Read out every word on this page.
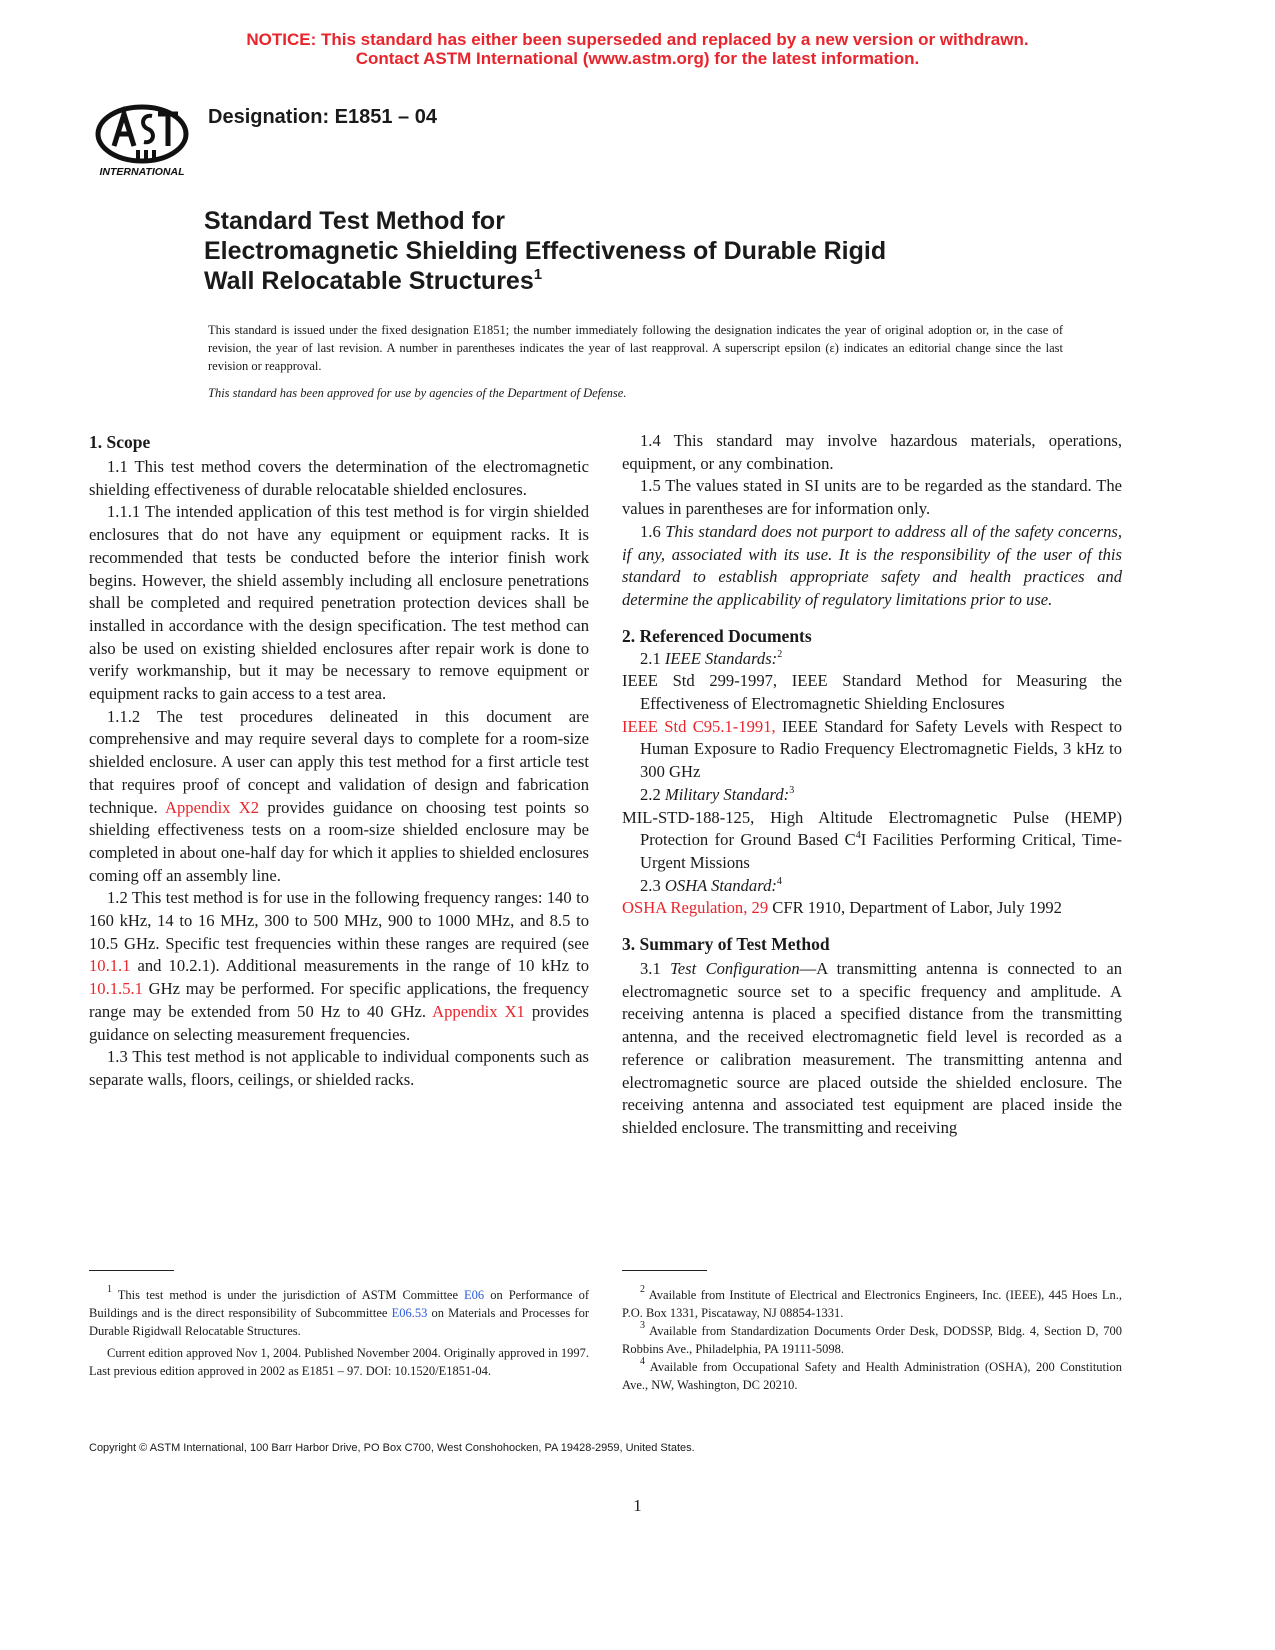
NOTICE: This standard has either been superseded and replaced by a new version or withdrawn.
Contact ASTM International (www.astm.org) for the latest information.
INTERNATIONAL
Designation: E1851 – 04
Standard Test Method for
Electromagnetic Shielding Effectiveness of Durable Rigid
Wall Relocatable Structures$^1$
This standard is issued under the fixed designation E1851; the number immediately following the designation indicates the year of original adoption or, in the case of revision, the year of last revision. A number in parentheses indicates the year of last reapproval. A superscript epsilon (ε) indicates an editorial change since the last revision or reapproval.
This standard has been approved for use by agencies of the Department of Defense.
1. Scope

1.1 This test method covers the determination of the electromagnetic shielding effectiveness of durable relocatable shielded enclosures.

1.1.1 The intended application of this test method is for virgin shielded enclosures that do not have any equipment or equipment racks. It is recommended that tests be conducted before the interior finish work begins. However, the shield assembly including all enclosure penetrations shall be completed and required penetration protection devices shall be installed in accordance with the design specification. The test method can also be used on existing shielded enclosures after repair work is done to verify workmanship, but it may be necessary to remove equipment or equipment racks to gain access to a test area.

1.1.2 The test procedures delineated in this document are comprehensive and may require several days to complete for a room-size shielded enclosure. A user can apply this test method for a first article test that requires proof of concept and validation of design and fabrication technique. Appendix X2 provides guidance on choosing test points so shielding effectiveness tests on a room-size shielded enclosure may be completed in about one-half day for which it applies to shielded enclosures coming off an assembly line.

1.2 This test method is for use in the following frequency ranges: 140 to 160 kHz, 14 to 16 MHz, 300 to 500 MHz, 900 to 1000 MHz, and 8.5 to 10.5 GHz. Specific test frequencies within these ranges are required (see 10.1.1 and 10.2.1). Additional measurements in the range of 10 kHz to 10.1.5.1 GHz may be performed. For specific applications, the frequency range may be extended from 50 Hz to 40 GHz. Appendix X1 provides guidance on selecting measurement frequencies.

1.3 This test method is not applicable to individual components such as separate walls, floors, ceilings, or shielded racks.

1.4 This standard may involve hazardous materials, operations, equipment, or any combination.

1.5 The values stated in SI units are to be regarded as the standard. The values in parentheses are for information only.

1.6 This standard does not purport to address all of the safety concerns, if any, associated with its use. It is the responsibility of the user of this standard to establish appropriate safety and health practices and determine the applicability of regulatory limitations prior to use.

2. Referenced Documents

2.1 IEEE Standards:$^2$

IEEE Std 299-1997, IEEE Standard Method for Measuring the Effectiveness of Electromagnetic Shielding Enclosures

IEEE Std C95.1-1991, IEEE Standard for Safety Levels with Respect to Human Exposure to Radio Frequency Electromagnetic Fields, 3 kHz to 300 GHz

2.2 Military Standard:$^3$

MIL-STD-188-125, High Altitude Electromagnetic Pulse (HEMP) Protection for Ground Based $C^4I$ Facilities Performing Critical, Time-Urgent Missions

2.3 OSHA Standard:$^4$

OSHA Regulation, 29 CFR 1910, Department of Labor, July 1992

3. Summary of Test Method

3.1 Test Configuration—A transmitting antenna is connected to an electromagnetic source set to a specific frequency and amplitude. A receiving antenna is placed a specified distance from the transmitting antenna, and the received electromagnetic field level is recorded as a reference or calibration measurement. The transmitting antenna and electromagnetic source are placed outside the shielded enclosure. The receiving antenna and associated test equipment are placed inside the shielded enclosure. The transmitting and receiving

$^1$ This test method is under the jurisdiction of ASTM Committee E06 on Performance of Buildings and is the direct responsibility of Subcommittee E06.53 on Materials and Processes for Durable Rigidwall Relocatable Structures.

Current edition approved Nov 1, 2004. Published November 2004. Originally approved in 1997. Last previous edition approved in 2002 as E1851 – 97. DOI: 10.1520/E1851-04.

$^2$ Available from Institute of Electrical and Electronics Engineers, Inc. (IEEE), 445 Hoes Ln., P.O. Box 1331, Piscataway, NJ 08854-1331.

$^3$ Available from Standardization Documents Order Desk, DODSSP, Bldg. 4, Section D, 700 Robbins Ave., Philadelphia, PA 19111-5098.

$^4$ Available from Occupational Safety and Health Administration (OSHA), 200 Constitution Ave., NW, Washington, DC 20210.

Copyright © ASTM International, 100 Barr Harbor Drive, PO Box C700, West Conshohocken, PA 19428-2959, United States.
1
